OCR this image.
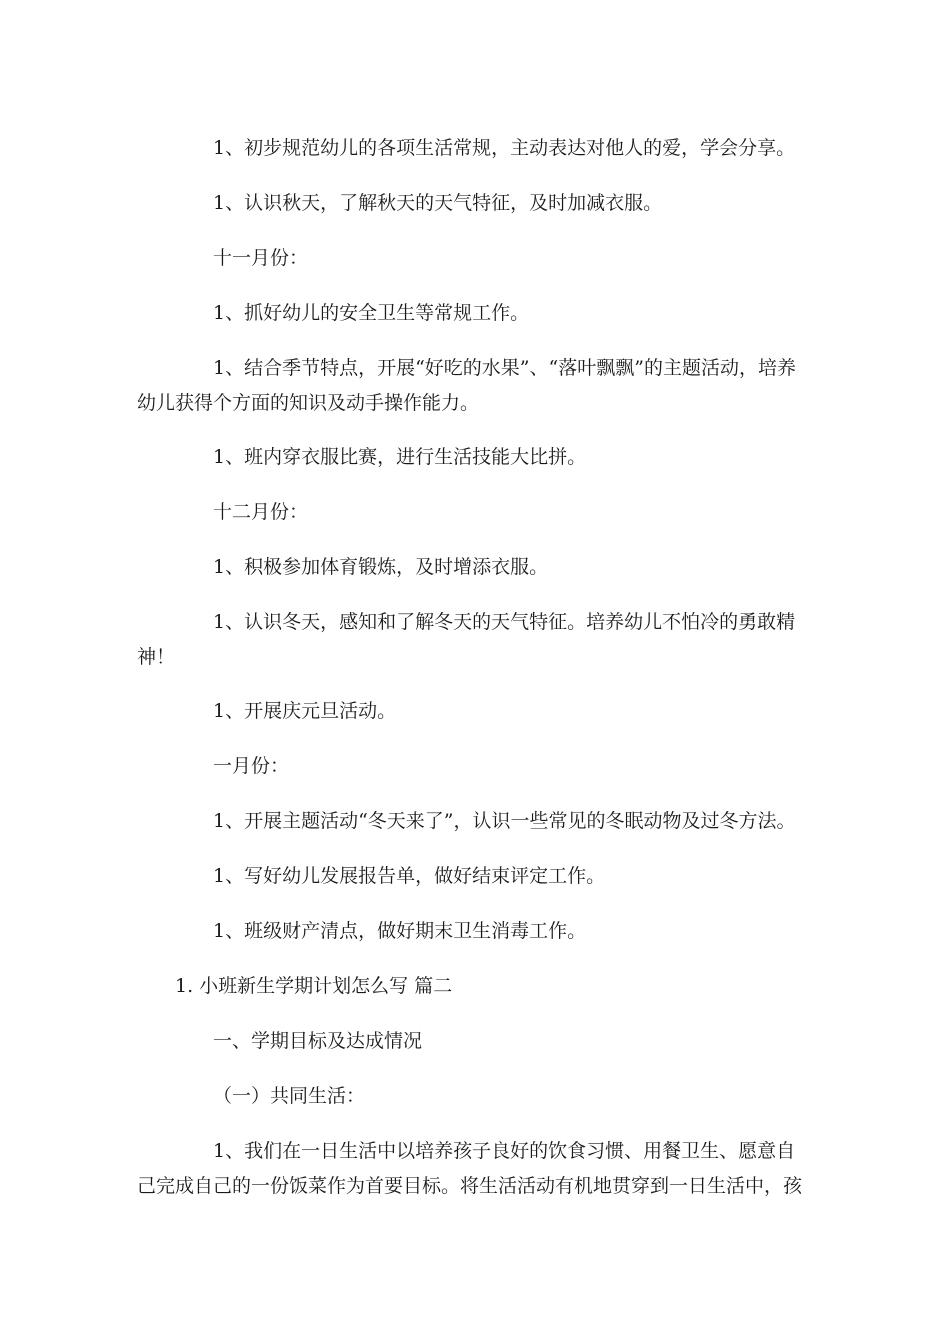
1、初步规范幼儿的各项生活常规，主动表达对他人的爱，学会分享。

1、认识秋天，了解秋天的天气特征，及时加减衣服。

十一月份：

1、抓好幼儿的安全卫生等常规工作。

1、结合季节特点，开展“好吃的水果”、“落叶飘飘”的主题活动，培养幼儿获得个方面的知识及动手操作能力。

1、班内穿衣服比赛，进行生活技能大比拼。

十二月份：

1、积极参加体育锻炼，及时增添衣服。

1、认识冬天，感知和了解冬天的天气特征。培养幼儿不怕冷的勇敢精神！

1、开展庆元旦活动。

一月份：

1、开展主题活动“冬天来了”，认识一些常见的冬眠动物及过冬方法。

1、写好幼儿发展报告单，做好结束评定工作。

1、班级财产清点，做好期末卫生消毒工作。

1. 小班新生学期计划怎么写 篇二

一、学期目标及达成情况

（一）共同生活：

1、我们在一日生活中以培养孩子良好的饮食习惯、用餐卫生、愿意自己完成自己的一份饭菜作为首要目标。将生活活动有机地贯穿到一日生活中，孩
